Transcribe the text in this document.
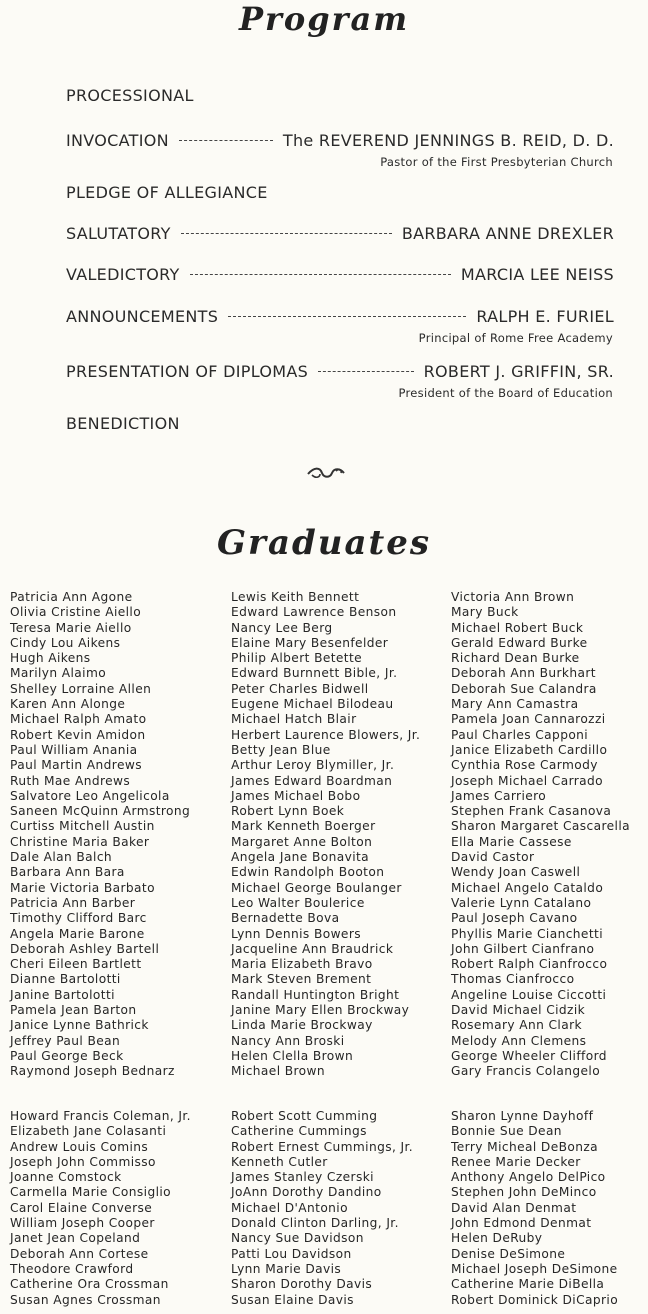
Program
PROCESSIONAL
INVOCATION	The REVEREND JENNINGS B. REID, D. D.
Pastor of the First Presbyterian Church
PLEDGE OF ALLEGIANCE
SALUTATORY	BARBARA ANNE DREXLER
VALEDICTORY	MARCIA LEE NEISS
ANNOUNCEMENTS	RALPH E. FURIEL
Principal of Rome Free Academy
PRESENTATION OF DIPLOMAS	ROBERT J. GRIFFIN, SR.
President of the Board of Education
BENEDICTION
Graduates
Patricia Ann Agone
Olivia Cristine Aiello
Teresa Marie Aiello
Cindy Lou Aikens
Hugh Aikens
Marilyn Alaimo
Shelley Lorraine Allen
Karen Ann Alonge
Michael Ralph Amato
Robert Kevin Amidon
Paul William Anania
Paul Martin Andrews
Ruth Mae Andrews
Salvatore Leo Angelicola
Saneen McQuinn Armstrong
Curtiss Mitchell Austin
Christine Maria Baker
Dale Alan Balch
Barbara Ann Bara
Marie Victoria Barbato
Patricia Ann Barber
Timothy Clifford Barc
Angela Marie Barone
Deborah Ashley Bartell
Cheri Eileen Bartlett
Dianne Bartolotti
Janine Bartolotti
Pamela Jean Barton
Janice Lynne Bathrick
Jeffrey Paul Bean
Paul George Beck
Raymond Joseph Bednarz
Lewis Keith Bennett
Edward Lawrence Benson
Nancy Lee Berg
Elaine Mary Besenfelder
Philip Albert Betette
Edward Burnnett Bible, Jr.
Peter Charles Bidwell
Eugene Michael Bilodeau
Michael Hatch Blair
Herbert Laurence Blowers, Jr.
Betty Jean Blue
Arthur Leroy Blymiller, Jr.
James Edward Boardman
James Michael Bobo
Robert Lynn Boek
Mark Kenneth Boerger
Margaret Anne Bolton
Angela Jane Bonavita
Edwin Randolph Booton
Michael George Boulanger
Leo Walter Boulerice
Bernadette Bova
Lynn Dennis Bowers
Jacqueline Ann Braudrick
Maria Elizabeth Bravo
Mark Steven Brement
Randall Huntington Bright
Janine Mary Ellen Brockway
Linda Marie Brockway
Nancy Ann Broski
Helen Clella Brown
Michael Brown
Victoria Ann Brown
Mary Buck
Michael Robert Buck
Gerald Edward Burke
Richard Dean Burke
Deborah Ann Burkhart
Deborah Sue Calandra
Mary Ann Camastra
Pamela Joan Cannarozzi
Paul Charles Capponi
Janice Elizabeth Cardillo
Cynthia Rose Carmody
Joseph Michael Carrado
James Carriero
Stephen Frank Casanova
Sharon Margaret Cascarella
Ella Marie Cassese
David Castor
Wendy Joan Caswell
Michael Angelo Cataldo
Valerie Lynn Catalano
Paul Joseph Cavano
Phyllis Marie Cianchetti
John Gilbert Cianfrano
Robert Ralph Cianfrocco
Thomas Cianfrocco
Angeline Louise Ciccotti
David Michael Cidzik
Rosemary Ann Clark
Melody Ann Clemens
George Wheeler Clifford
Gary Francis Colangelo
Howard Francis Coleman, Jr.
Elizabeth Jane Colasanti
Andrew Louis Comins
Joseph John Commisso
Joanne Comstock
Carmella Marie Consiglio
Carol Elaine Converse
William Joseph Cooper
Janet Jean Copeland
Deborah Ann Cortese
Theodore Crawford
Catherine Ora Crossman
Susan Agnes Crossman
Robert Scott Cumming
Catherine Cummings
Robert Ernest Cummings, Jr.
Kenneth Cutler
James Stanley Czerski
JoAnn Dorothy Dandino
Michael D'Antonio
Donald Clinton Darling, Jr.
Nancy Sue Davidson
Patti Lou Davidson
Lynn Marie Davis
Sharon Dorothy Davis
Susan Elaine Davis
Sharon Lynne Dayhoff
Bonnie Sue Dean
Terry Micheal DeBonza
Renee Marie Decker
Anthony Angelo DelPico
Stephen John DeMinco
David Alan Denmat
John Edmond Denmat
Helen DeRuby
Denise DeSimone
Michael Joseph DeSimone
Catherine Marie DiBella
Robert Dominick DiCaprio
